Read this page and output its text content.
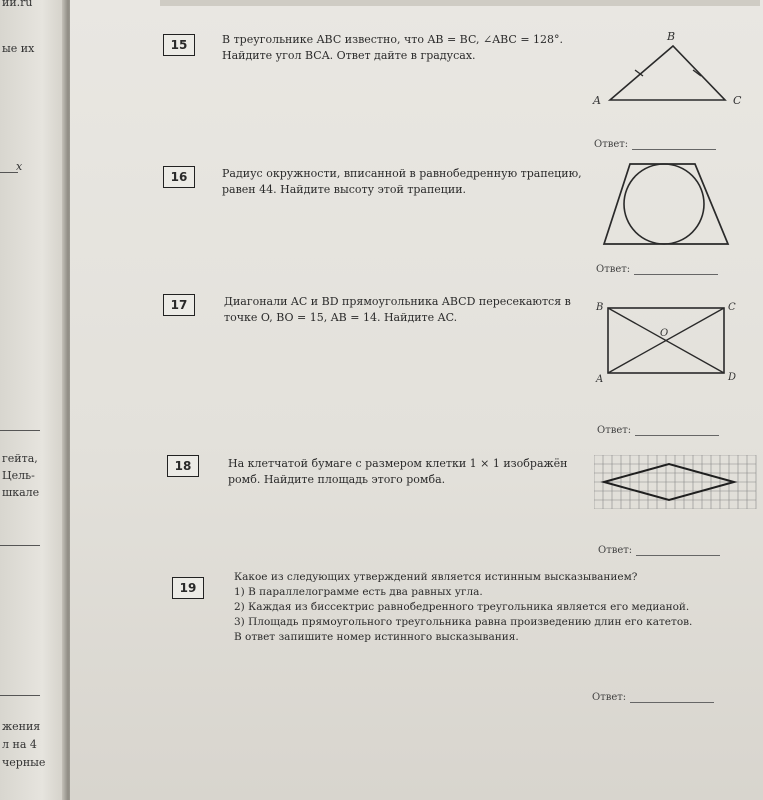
ии.ru
ые их
x
гейта,
Цель-
шкале
жения
л на 4
черные
15	В треугольнике ABC известно, что AB = BC, ∠ABC = 128°. Найдите угол BCA. Ответ дайте в градусах.
A
B
C
Ответ:
16	Радиус окружности, вписанной в равнобедренную трапецию, равен 44. Найдите высоту этой трапеции.
Ответ:
17	Диагонали AC и BD прямоугольника ABCD пересекаются в точке O, BO = 15, AB = 14. Найдите AC.
B	C
A	D
O
Ответ:
18	На клетчатой бумаге с размером клетки 1 × 1 изображён ромб. Найдите площадь этого ромба.
Ответ:
19
Какое из следующих утверждений является истинным высказыванием?
1) В параллелограмме есть два равных угла.
2) Каждая из биссектрис равнобедренного треугольника является его медианой.
3) Площадь прямоугольного треугольника равна произведению длин его катетов.
В ответ запишите номер истинного высказывания.
Ответ:
